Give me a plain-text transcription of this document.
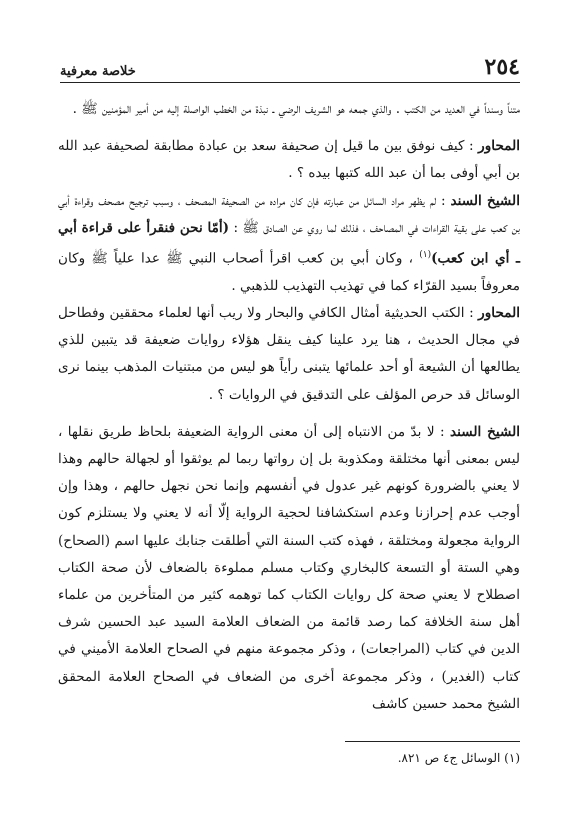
٢٥٤
خلاصة معرفية

متناً وسنداً في العديد من الكتب . والذي جمعه هو الشريف الرضي ـ نبذة من الخطب الواصلة إليه من أمير المؤمنين ﷺ .

المحاور : كيف نوفق بين ما قيل إن صحيفة سعد بن عبادة مطابقة لصحيفة عبد الله بن أبي أوفى بما أن عبد الله كتبها بيده ؟ .

الشيخ السند : لم يظهر مراد السائل من عبارته فإن كان مراده من الصحيفة المصحف ، وسبب ترجيح مصحف وقراءة أبي بن كعب على بقية القراءات في المصاحف ، فذلك لما روي عن الصادق ﷺ : (أمّا نحن فنقرأ على قراءة أبي ـ أي ابن كعب)$^{(١)}$ ، وكان أبي بن كعب اقرأ أصحاب النبي ﷺ عدا علياً ﷺ وكان معروفاً بسيد القرّاء كما في تهذيب التهذيب للذهبي .

المحاور : الكتب الحديثية أمثال الكافي والبحار ولا ريب أنها لعلماء محققين وفطاحل في مجال الحديث ، هنا يرد علينا كيف ينقل هؤلاء روايات ضعيفة قد يتبين للذي يطالعها أن الشيعة أو أحد علمائها يتبنى رأياً هو ليس من مبتنيات المذهب بينما نرى الوسائل قد حرص المؤلف على التدقيق في الروايات ؟ .

الشيخ السند : لا بدّ من الانتباه إلى أن معنى الرواية الضعيفة بلحاظ طريق نقلها ، ليس بمعنى أنها مختلقة ومكذوبة بل إن رواتها ربما لم يوثقوا أو لجهالة حالهم وهذا لا يعني بالضرورة كونهم غير عدول في أنفسهم وإنما نحن نجهل حالهم ، وهذا وإن أوجب عدم إحرازنا وعدم استكشافنا لحجية الرواية إلّا أنه لا يعني ولا يستلزم كون الرواية مجعولة ومختلقة ، فهذه كتب السنة التي أطلقت جنابك عليها اسم (الصحاح) وهي الستة أو التسعة كالبخاري وكتاب مسلم مملوءة بالضعاف لأن صحة الكتاب اصطلاح لا يعني صحة كل روايات الكتاب كما توهمه كثير من المتأخرين من علماء أهل سنة الخلافة كما رصد قائمة من الضعاف العلامة السيد عبد الحسين شرف الدين في كتاب (المراجعات) ، وذكر مجموعة منهم في الصحاح العلامة الأميني في كتاب (الغدير) ، وذكر مجموعة أخرى من الضعاف في الصحاح العلامة المحقق الشيخ محمد حسين كاشف

(١) الوسائل ج٤ ص ٨٢١.
